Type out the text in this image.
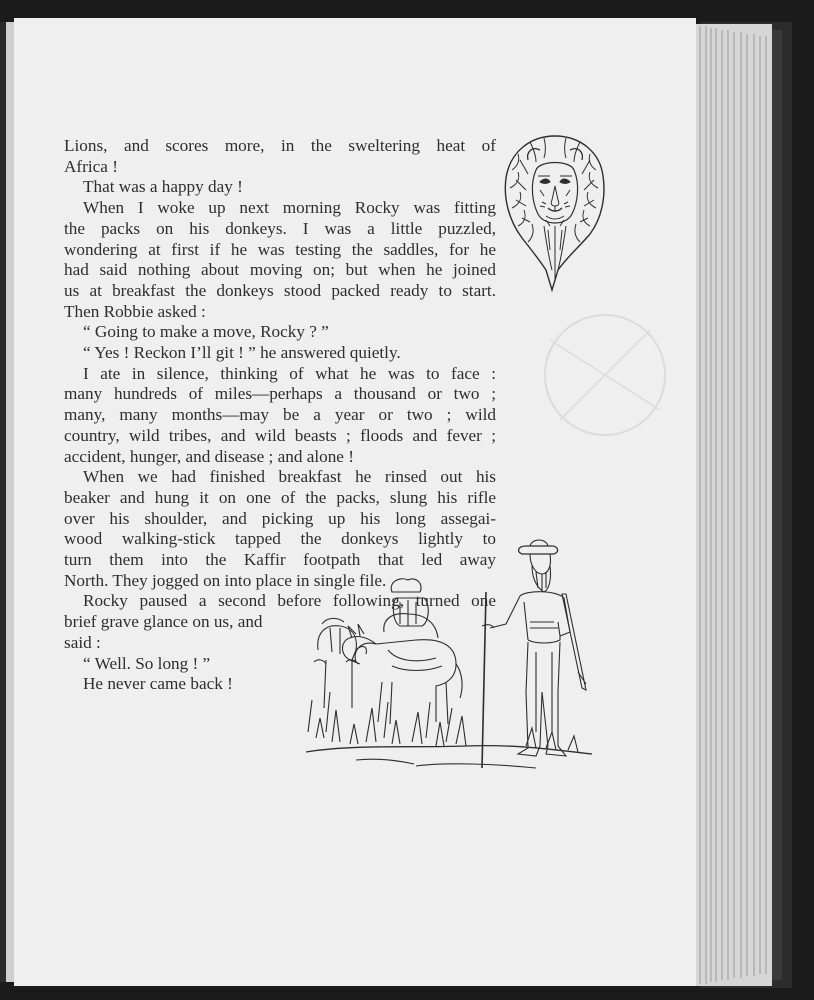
Lions, and scores more, in the sweltering heat of

Africa !

That was a happy day !

When I woke up next morning Rocky was fitting

the packs on his donkeys. I was a little puzzled,

wondering at first if he was testing the saddles, for he

had said nothing about moving on; but when he joined

us at breakfast the donkeys stood packed ready to start.

Then Robbie asked :

“ Going to make a move, Rocky ? ”

“ Yes ! Reckon I’ll git ! ” he answered quietly.

I ate in silence, thinking of what he was to face :

many hundreds of miles—perhaps a thousand or two ;

many, many months—may be a year or two ; wild

country, wild tribes, and wild beasts ; floods and fever ;

accident, hunger, and disease ; and alone !

When we had finished breakfast he rinsed out his

beaker and hung it on one of the packs, slung his rifle

over his shoulder, and picking up his long assegai-

wood walking-stick tapped the donkeys lightly to

turn them into the Kaffir footpath that led away

North. They jogged on into place in single file.

Rocky paused a second before following, turned one

brief grave glance on us, and

said :

“ Well. So long ! ”

He never came back !
